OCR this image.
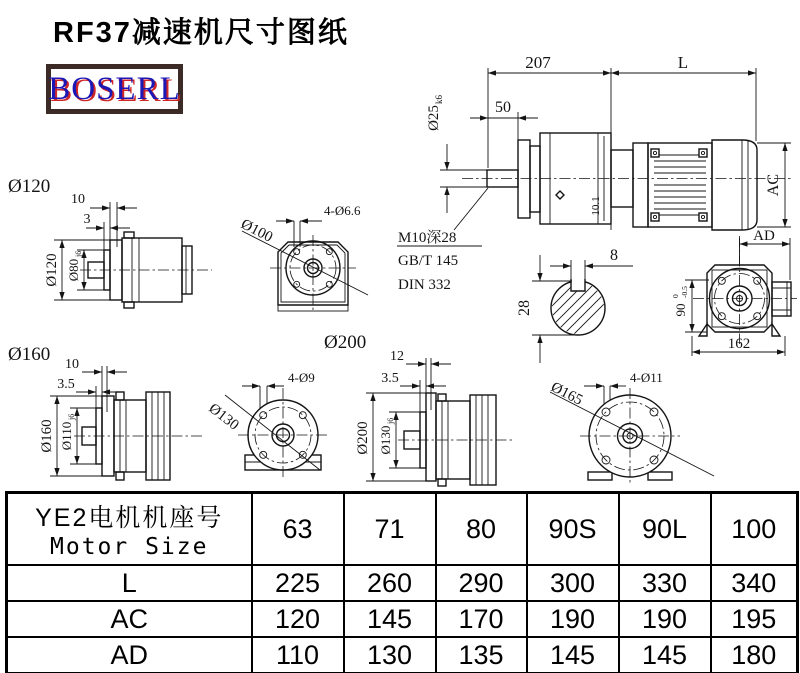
RF37减速机尺寸图纸
BOSERL
207	L
50
Ø25
k6
10.1
AC
M10深28
GB/T 145
DIN 332
8
28
AD
90
0 -0.5
162
Ø120
10
3
Ø120 Ø80
j6
4-Ø6.6
Ø100
Ø160 10
3.5
Ø160 Ø110
j6
4-Ø9
Ø130
Ø200
12
3.5
Ø200 Ø130
j6
4-Ø11
Ø165
YE2电机机座号
Motor Size	63	71	80	90S	90L	100
L	225	260	290	300	330	340
AC	120	145	170	190	190	195
AD	110	130	135	145	145	180
